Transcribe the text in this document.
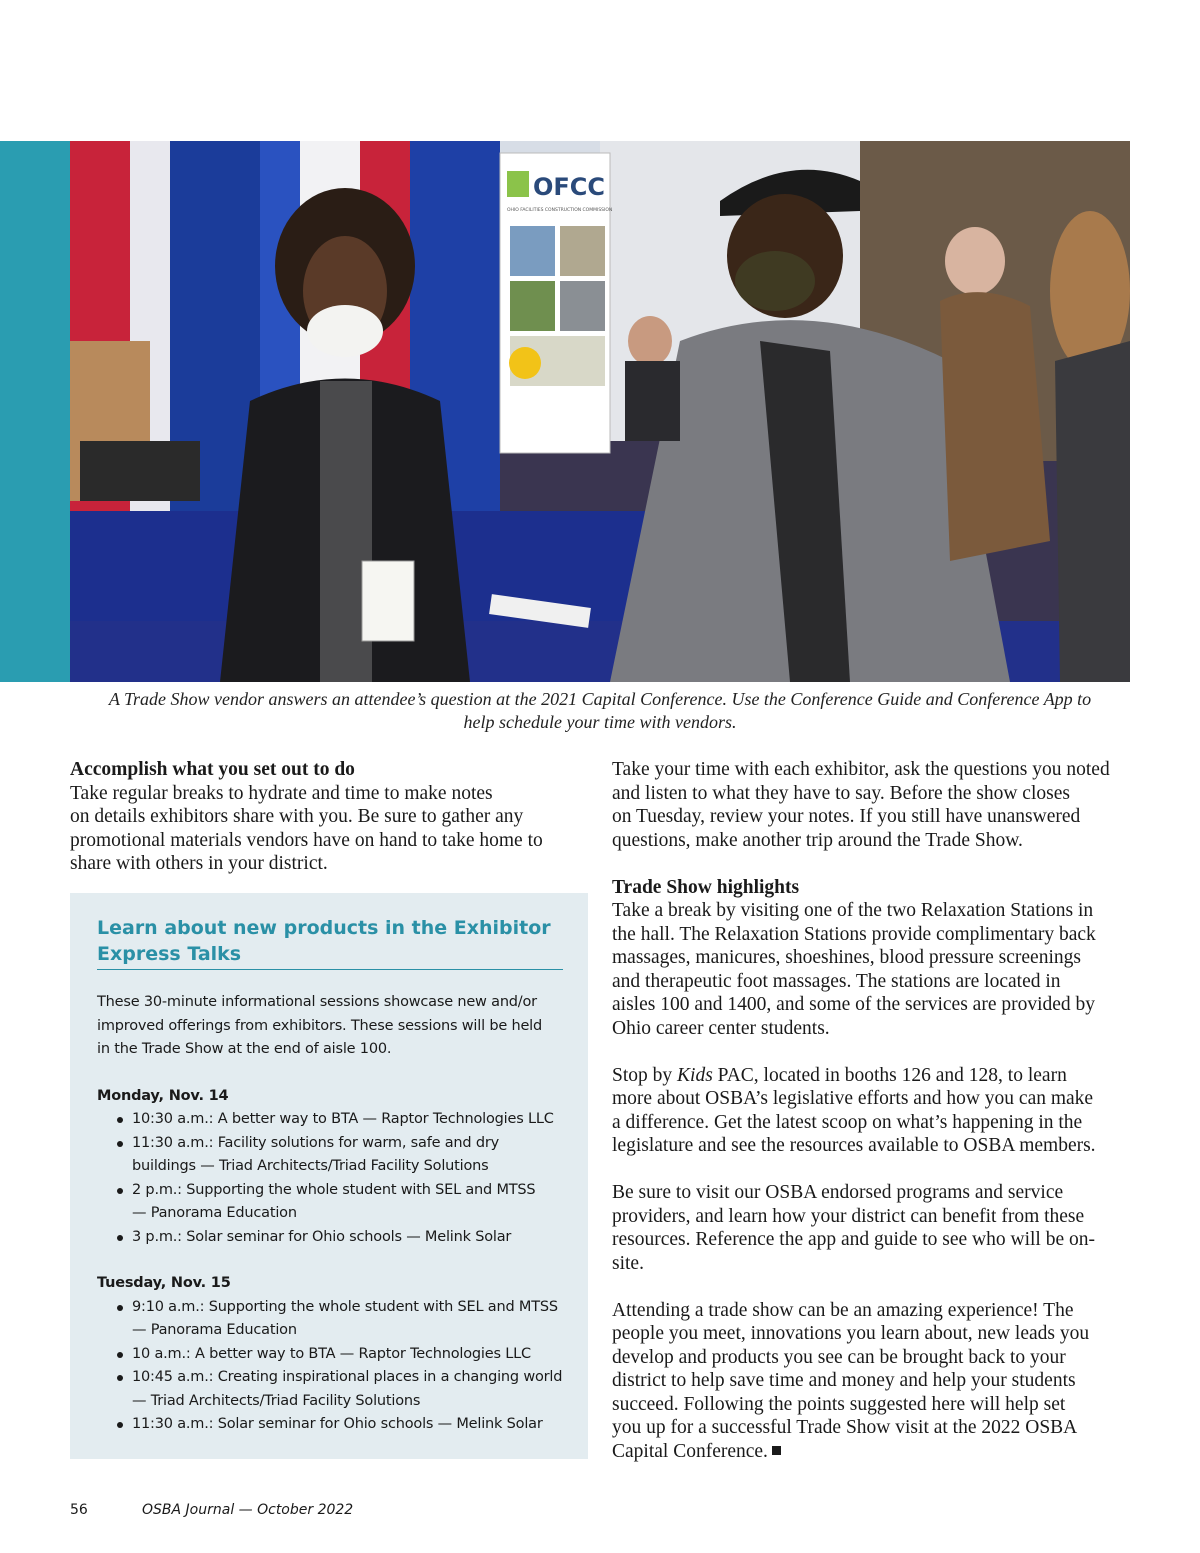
OFCC
OHIO FACILITIES CONSTRUCTION COMMISSION
A Trade Show vendor answers an attendee’s question at the 2021 Capital Conference. Use the Conference Guide and Conference App to
help schedule your time with vendors.

Accomplish what you set out to do

Take regular breaks to hydrate and time to make notes

on details exhibitors share with you. Be sure to gather any

promotional materials vendors have on hand to take home to

share with others in your district.

Learn about new products in the Exhibitor
Express Talks

These 30-minute informational sessions showcase new and/or

improved offerings from exhibitors. These sessions will be held

in the Trade Show at the end of aisle 100.

Monday, Nov. 14

10:30 a.m.: A better way to BTA — Raptor Technologies LLC

11:30 a.m.: Facility solutions for warm, safe and dry

buildings — Triad Architects/Triad Facility Solutions

2 p.m.: Supporting the whole student with SEL and MTSS

— Panorama Education

3 p.m.: Solar seminar for Ohio schools — Melink Solar

Tuesday, Nov. 15

9:10 a.m.: Supporting the whole student with SEL and MTSS

— Panorama Education

10 a.m.: A better way to BTA — Raptor Technologies LLC

10:45 a.m.: Creating inspirational places in a changing world

— Triad Architects/Triad Facility Solutions

11:30 a.m.: Solar seminar for Ohio schools — Melink Solar

Take your time with each exhibitor, ask the questions you noted

and listen to what they have to say. Before the show closes

on Tuesday, review your notes. If you still have unanswered

questions, make another trip around the Trade Show.

Trade Show highlights

Take a break by visiting one of the two Relaxation Stations in

the hall. The Relaxation Stations provide complimentary back

massages, manicures, shoeshines, blood pressure screenings

and therapeutic foot massages. The stations are located in

aisles 100 and 1400, and some of the services are provided by

Ohio career center students.

Stop by Kids PAC, located in booths 126 and 128, to learn

more about OSBA’s legislative efforts and how you can make

a difference. Get the latest scoop on what’s happening in the

legislature and see the resources available to OSBA members.

Be sure to visit our OSBA endorsed programs and service

providers, and learn how your district can benefit from these

resources. Reference the app and guide to see who will be on-

site.

Attending a trade show can be an amazing experience! The

people you meet, innovations you learn about, new leads you

develop and products you see can be brought back to your

district to help save time and money and help your students

succeed. Following the points suggested here will help set

you up for a successful Trade Show visit at the 2022 OSBA

Capital Conference.

56	OSBA Journal — October 2022
